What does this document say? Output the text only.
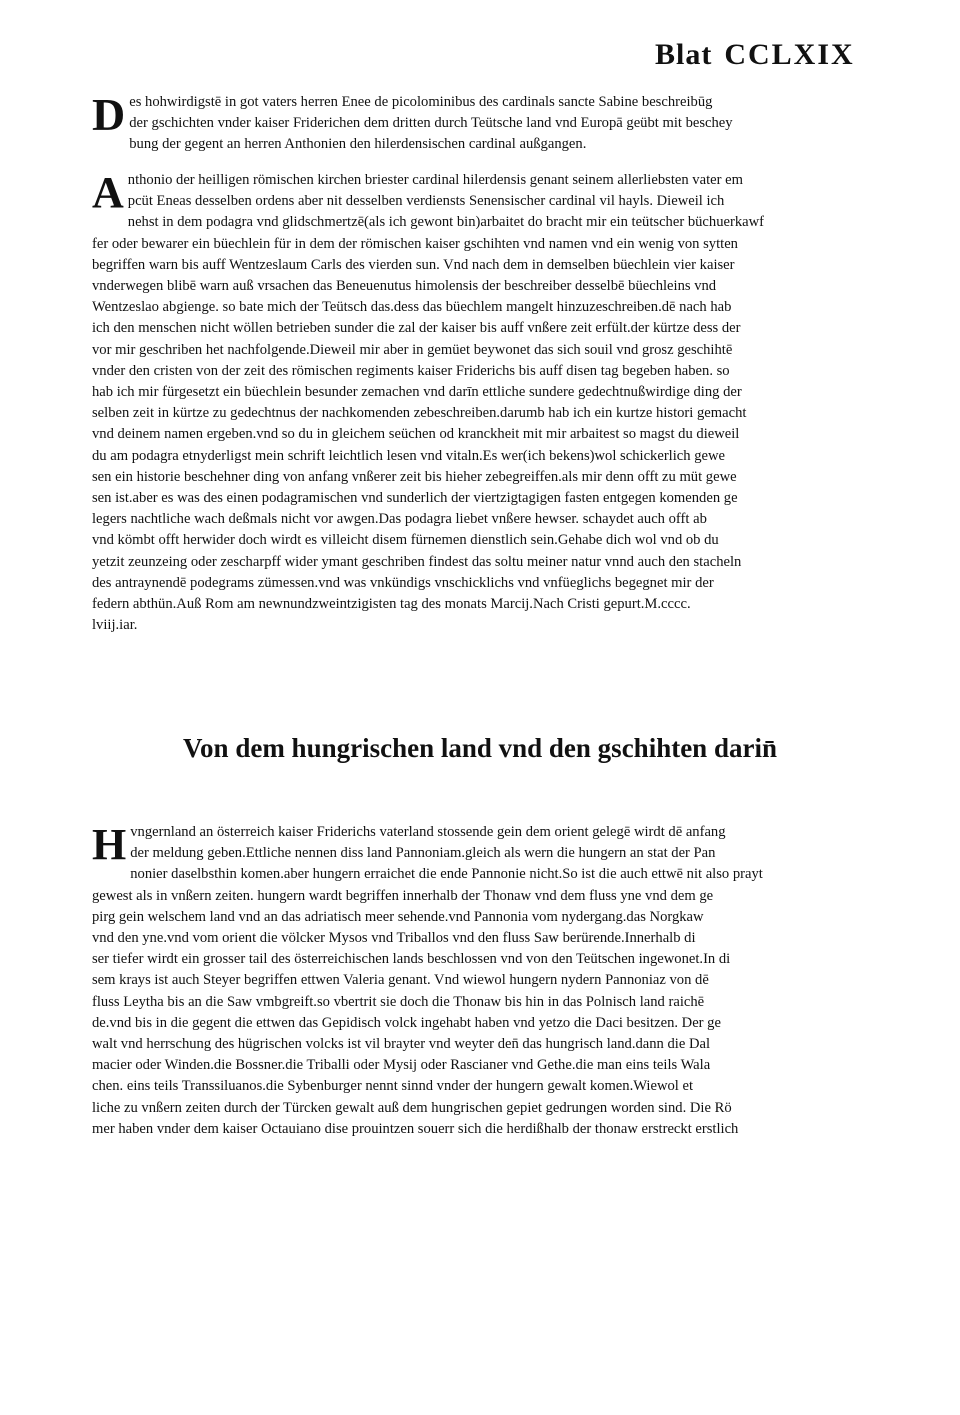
Blat CCLXIX
D es hohwirdigstē in got vaters herren Enee de picolominibus des cardinals sancte Sabine beschreibūg
der gschichten vnder kaiser Friderichen dem dritten durch Teütsche land vnd Europā geübt mit beschey
bung der gegent an herren Anthonien den hilerdensischen cardinal außgangen.
A nthonio der heilligen römischen kirchen briester cardinal hilerdensis genant seinem allerliebsten vater em
pcüt Eneas desselben ordens aber nit desselben verdiensts Senensischer cardinal vil hayls. Dieweil ich
nehst in dem podagra vnd glidschmertzē(als ich gewont bin)arbaitet do bracht mir ein teütscher büchuerkawf
fer oder bewarer ein büechlein für in dem der römischen kaiser gschihten vnd namen vnd ein wenig von sytten
begriffen warn bis auff Wentzeslaum Carls des vierden sun. Vnd nach dem in demselben büechlein vier kaiser
vnderwegen blibē warn auß vrsachen das Beneuenutus himolensis der beschreiber desselbē büechleins vnd
Wentzeslao abgienge. so bate mich der Teütsch das.dess das büechlem mangelt hinzuzeschreiben.dē nach hab
ich den menschen nicht wöllen betrieben sunder die zal der kaiser bis auff vnßere zeit erfült.der kürtze dess der
vor mir geschriben het nachfolgende.Dieweil mir aber in gemüet beywonet das sich souil vnd grosz geschihtē
vnder den cristen von der zeit des römischen regiments kaiser Friderichs bis auff disen tag begeben haben. so
hab ich mir fürgesetzt ein büechlein besunder zemachen vnd darīn ettliche sundere gedechtnußwirdige ding der
selben zeit in kürtze zu gedechtnus der nachkomenden zebeschreiben.darumb hab ich ein kurtze histori gemacht
vnd deinem namen ergeben.vnd so du in gleichem seüchen od kranckheit mit mir arbaitest so magst du dieweil
du am podagra etnyderligst mein schrift leichtlich lesen vnd vitaln.Es wer(ich bekens)wol schickerlich gewe
sen ein historie beschehner ding von anfang vnßerer zeit bis hieher zebegreiffen.als mir denn offt zu müt gewe
sen ist.aber es was des einen podagramischen vnd sunderlich der viertzigtagigen fasten entgegen komenden ge
legers nachtliche wach deßmals nicht vor awgen.Das podagra liebet vnßere hewser. schaydet auch offt ab
vnd kömbt offt herwider doch wirdt es villeicht disem fürnemen dienstlich sein.Gehabe dich wol vnd ob du
yetzit zeunzeing oder zescharpff wider ymant geschriben findest das soltu meiner natur vnnd auch den stacheln
des antraynendē podegrams zümessen.vnd was vnkündigs vnschicklichs vnd vnfüeglichs begegnet mir der
federn abthün.Auß Rom am newnundzweintzigisten tag des monats Marcij.Nach Cristi gepurt.M.cccc.
lviij.iar.
Von dem hungrischen land vnd den gschihten darin̄
H vngernland an österreich kaiser Friderichs vaterland stossende gein dem orient gelegē wirdt dē anfang
der meldung geben.Ettliche nennen diss land Pannoniam.gleich als wern die hungern an stat der Pan
nonier daselbsthin komen.aber hungern erraichet die ende Pannonie nicht.So ist die auch ettwē nit also prayt
gewest als in vnßern zeiten. hungern wardt begriffen innerhalb der Thonaw vnd dem fluss yne vnd dem ge
pirg gein welschem land vnd an das adriatisch meer sehende.vnd Pannonia vom nydergang.das Norgkaw
vnd den yne.vnd vom orient die völcker Mysos vnd Triballos vnd den fluss Saw berürende.Innerhalb di
ser tiefer wirdt ein grosser tail des österreichischen lands beschlossen vnd von den Teütschen ingewonet.In di
sem krays ist auch Steyer begriffen ettwen Valeria genant. Vnd wiewol hungern nydern Pannoniaz von dē
fluss Leytha bis an die Saw vmbgreift.so vbertrit sie doch die Thonaw bis hin in das Polnisch land raichē
de.vnd bis in die gegent die ettwen das Gepidisch volck ingehabt haben vnd yetzo die Daci besitzen. Der ge
walt vnd herrschung des hügrischen volcks ist vil brayter vnd weyter den̄ das hungrisch land.dann die Dal
macier oder Winden.die Bossner.die Triballi oder Mysij oder Rascianer vnd Gethe.die man eins teils Wala
chen. eins teils Transsiluanos.die Sybenburger nennt sinnd vnder der hungern gewalt komen.Wiewol et
liche zu vnßern zeiten durch der Türcken gewalt auß dem hungrischen gepiet gedrungen worden sind. Die Rö
mer haben vnder dem kaiser Octauiano dise prouintzen souerr sich die herdißhalb der thonaw erstreckt erstlich
